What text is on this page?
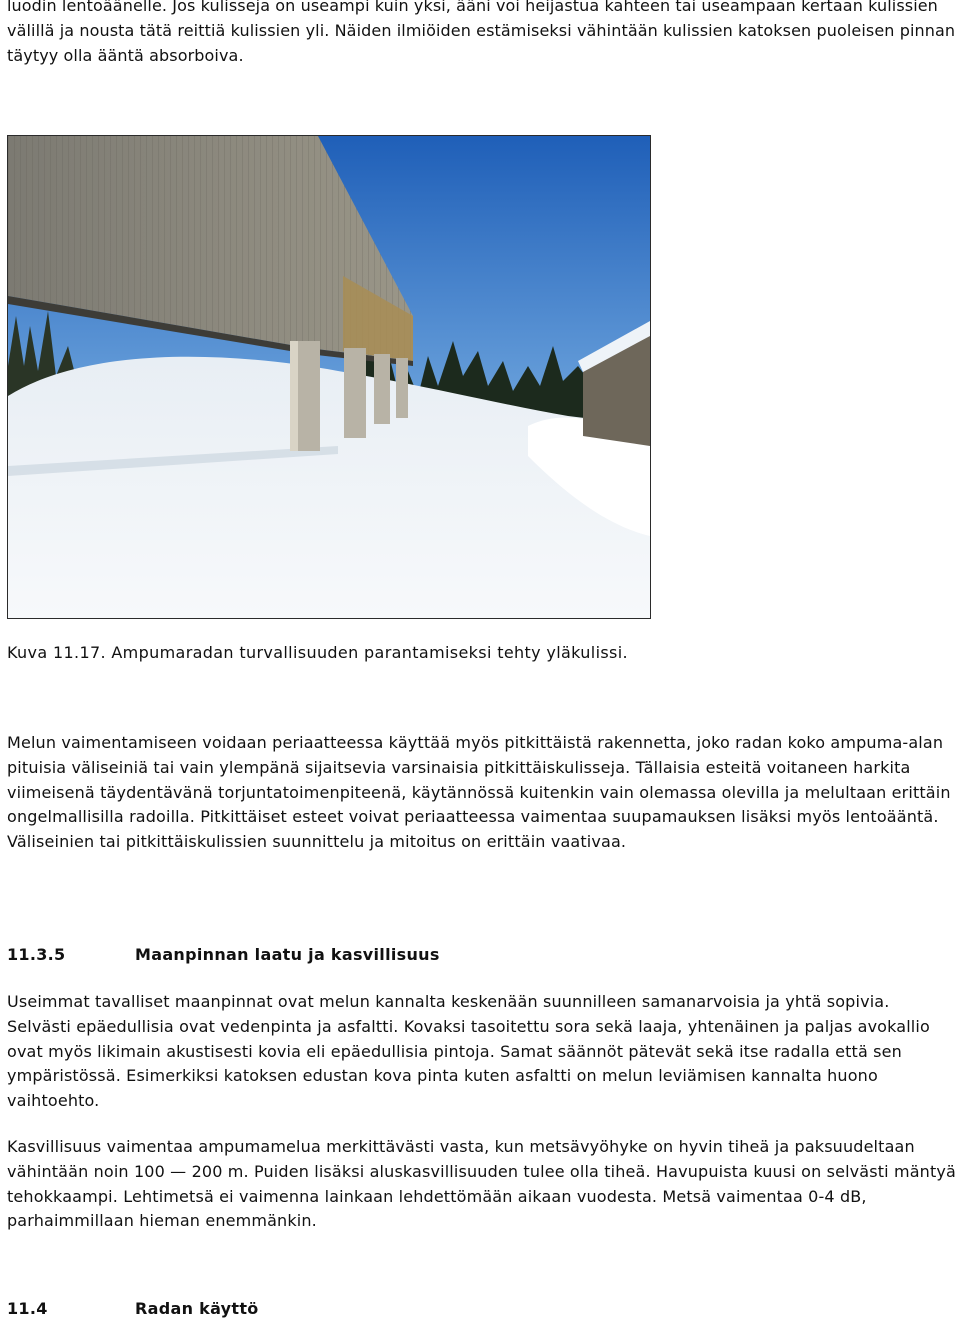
luodin lentoäänelle. Jos kulisseja on useampi kuin yksi, ääni voi heijastua kahteen tai useampaan kertaan kulissien välillä ja nousta tätä reittiä kulissien yli. Näiden ilmiöiden estämiseksi vähintään kulissien katoksen puoleisen pinnan täytyy olla ääntä absorboiva.

Kuva 11.17. Ampumaradan turvallisuuden parantamiseksi tehty yläkulissi.

Melun vaimentamiseen voidaan periaatteessa käyttää myös pitkittäistä rakennetta, joko radan koko ampuma-alan pituisia väliseiniä tai vain ylempänä sijaitsevia varsinaisia pitkittäiskulisseja. Tällaisia esteitä voitaneen harkita viimeisenä täydentävänä torjuntatoimenpiteenä, käytännössä kuitenkin vain olemassa olevilla ja melultaan erittäin ongelmallisilla radoilla. Pitkittäiset esteet voivat periaatteessa vaimentaa suupamauksen lisäksi myös lentoääntä. Väliseinien tai pitkittäiskulissien suunnittelu ja mitoitus on erittäin vaativaa.

11.3.5	Maanpinnan laatu ja kasvillisuus

Useimmat tavalliset maanpinnat ovat melun kannalta keskenään suunnilleen samanarvoisia ja yhtä sopivia. Selvästi epäedullisia ovat vedenpinta ja asfaltti. Kovaksi tasoitettu sora sekä laaja, yhtenäinen ja paljas avokallio ovat myös likimain akustisesti kovia eli epäedullisia pintoja. Samat säännöt pätevät sekä itse radalla että sen ympäristössä. Esimerkiksi katoksen edustan kova pinta kuten asfaltti on melun leviämisen kannalta huono vaihtoehto.

Kasvillisuus vaimentaa ampumamelua merkittävästi vasta, kun metsävyöhyke on hyvin tiheä ja paksuudeltaan vähintään noin 100 — 200 m. Puiden lisäksi aluskasvillisuuden tulee olla tiheä. Havupuista kuusi on selvästi mäntyä tehokkaampi. Lehtimetsä ei vaimenna lainkaan lehdettömään aikaan vuodesta. Metsä vaimentaa 0-4 dB, parhaimmillaan hieman enemmänkin.

11.4	Radan käyttö
